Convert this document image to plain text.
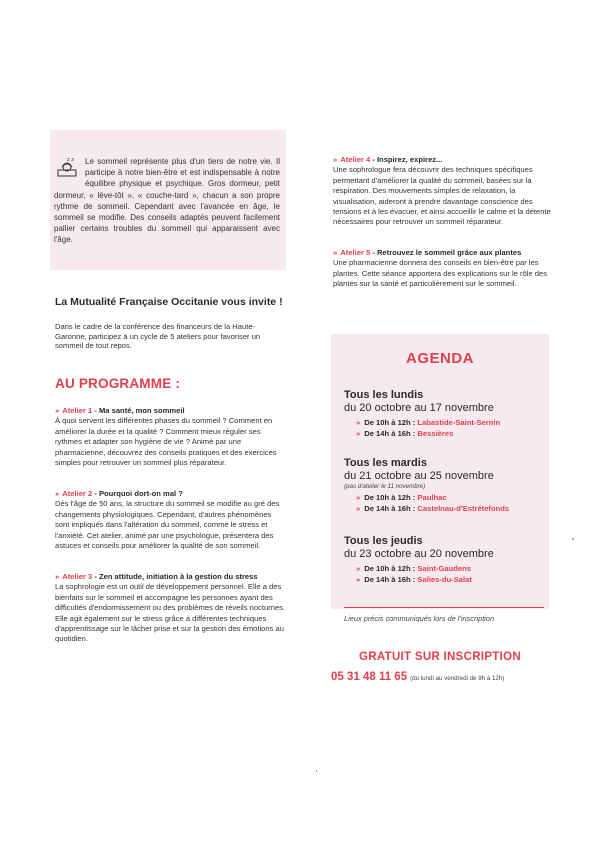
z z Le sommeil représente plus d'un tiers de notre vie. Il participe à notre bien-être et est indispensable à notre équilibre physique et psychique. Gros dormeur, petit dormeur, « lève-tôt », « couche-tard », chacun a son propre rythme de sommeil. Cependant avec l'avancée en âge, le sommeil se modifie. Des conseils adaptés peuvent facilement pallier certains troubles du sommeil qui apparaissent avec l'âge.
La Mutualité Française Occitanie vous invite !
Dans le cadre de la conférence des financeurs de la Haute-Garonne, participez à un cycle de 5 ateliers pour favoriser un sommeil de tout repos.
AU PROGRAMME :
» Atelier 1 - Ma santé, mon sommeil
À quoi servent les différentes phases du sommeil ? Comment en améliorer la durée et la qualité ? Comment mieux réguler ses rythmes et adapter son hygiène de vie ? Animé par une pharmacienne, découvrez des conseils pratiques et des exercices simples pour retrouver un sommeil plus réparateur.
» Atelier 2 - Pourquoi dort-on mal ?
Dès l'âge de 50 ans, la structure du sommeil se modifie au gré des changements physiologiques. Cependant, d'autres phénomènes sont impliqués dans l'altération du sommeil, comme le stress et l'anxiété. Cet atelier, animé par une psychologue, présentera des astuces et conseils pour améliorer la qualité de son sommeil.
» Atelier 3 - Zen attitude, initiation à la gestion du stress
La sophrologie est un outil de développement personnel. Elle a des bienfaits sur le sommeil et accompagne les personnes ayant des difficultés d'endormissement ou des problèmes de réveils nocturnes. Elle agit également sur le stress grâce à différentes techniques d'apprentissage sur le lâcher prise et sur la gestion des émotions au quotidien.
» Atelier 4 - Inspirez, expirez...
Une sophrologue fera découvrir des techniques spécifiques permettant d'améliorer la qualité du sommeil, basées sur la respiration. Des mouvements simples de relaxation, la visualisation, aideront à prendre davantage conscience des tensions et à les évacuer, et ainsi accueillir le calme et la détente nécessaires pour retrouver un sommeil réparateur.
» Atelier 5 - Retrouvez le sommeil grâce aux plantes
Une pharmacienne donnera des conseils en bien-être par les plantes. Cette séance apportera des explications sur le rôle des plantes sur la santé et particulièrement sur le sommeil.
AGENDA
Tous les lundis
du 20 octobre au 17 novembre
» De 10h à 12h : Labastide-Saint-Sernin
» De 14h à 16h : Bessières
Tous les mardis
du 21 octobre au 25 novembre
(pas d'atelier le 11 novembre)
» De 10h à 12h : Paulhac
» De 14h à 16h : Castelnau-d'Estrétefonds
Tous les jeudis
du 23 octobre au 20 novembre
» De 10h à 12h : Saint-Gaudens
» De 14h à 16h : Salies-du-Salat
Lieux précis communiqués lors de l'inscription
GRATUIT SUR INSCRIPTION
05 31 48 11 65 (du lundi au vendredi de 9h à 12h)
